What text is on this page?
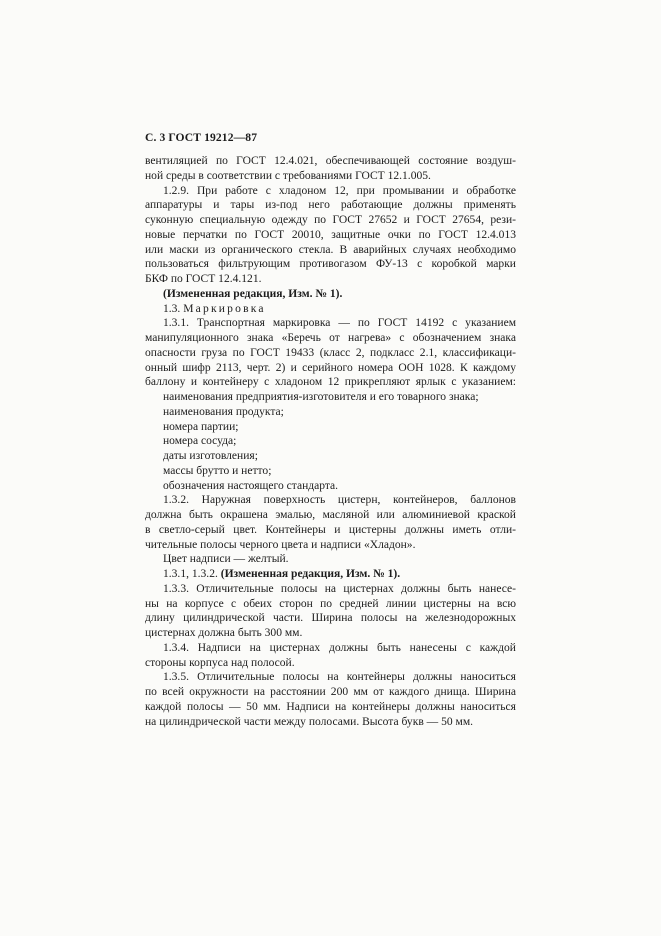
С. 3 ГОСТ 19212—87

вентиляцией по ГОСТ 12.4.021, обеспечивающей состояние воздуш-

ной среды в соответствии с требованиями ГОСТ 12.1.005.

1.2.9. При работе с хладоном 12, при промывании и обработке

аппаратуры и тары из-под него работающие должны применять

суконную специальную одежду по ГОСТ 27652 и ГОСТ 27654, рези-

новые перчатки по ГОСТ 20010, защитные очки по ГОСТ 12.4.013

или маски из органического стекла. В аварийных случаях необходимо

пользоваться фильтрующим противогазом ФУ-13 с коробкой марки

БКФ по ГОСТ 12.4.121.

(Измененная редакция, Изм. № 1).

1.3. Маркировка

1.3.1. Транспортная маркировка — по ГОСТ 14192 с указанием

манипуляционного знака «Беречь от нагрева» с обозначением знака

опасности груза по ГОСТ 19433 (класс 2, подкласс 2.1, классификаци-

онный шифр 2113, черт. 2) и серийного номера ООН 1028. К каждому

баллону и контейнеру с хладоном 12 прикрепляют ярлык с указанием:

наименования предприятия-изготовителя и его товарного знака;

наименования продукта;

номера партии;

номера сосуда;

даты изготовления;

массы брутто и нетто;

обозначения настоящего стандарта.

1.3.2. Наружная поверхность цистерн, контейнеров, баллонов

должна быть окрашена эмалью, масляной или алюминиевой краской

в светло-серый цвет. Контейнеры и цистерны должны иметь отли-

чительные полосы черного цвета и надписи «Хладон».

Цвет надписи — желтый.

1.3.1, 1.3.2. (Измененная редакция, Изм. № 1).

1.3.3. Отличительные полосы на цистернах должны быть нанесе-

ны на корпусе с обеих сторон по средней линии цистерны на всю

длину цилиндрической части. Ширина полосы на железнодорожных

цистернах должна быть 300 мм.

1.3.4. Надписи на цистернах должны быть нанесены с каждой

стороны корпуса над полосой.

1.3.5. Отличительные полосы на контейнеры должны наноситься

по всей окружности на расстоянии 200 мм от каждого днища. Ширина

каждой полосы — 50 мм. Надписи на контейнеры должны наноситься

на цилиндрической части между полосами. Высота букв — 50 мм.
